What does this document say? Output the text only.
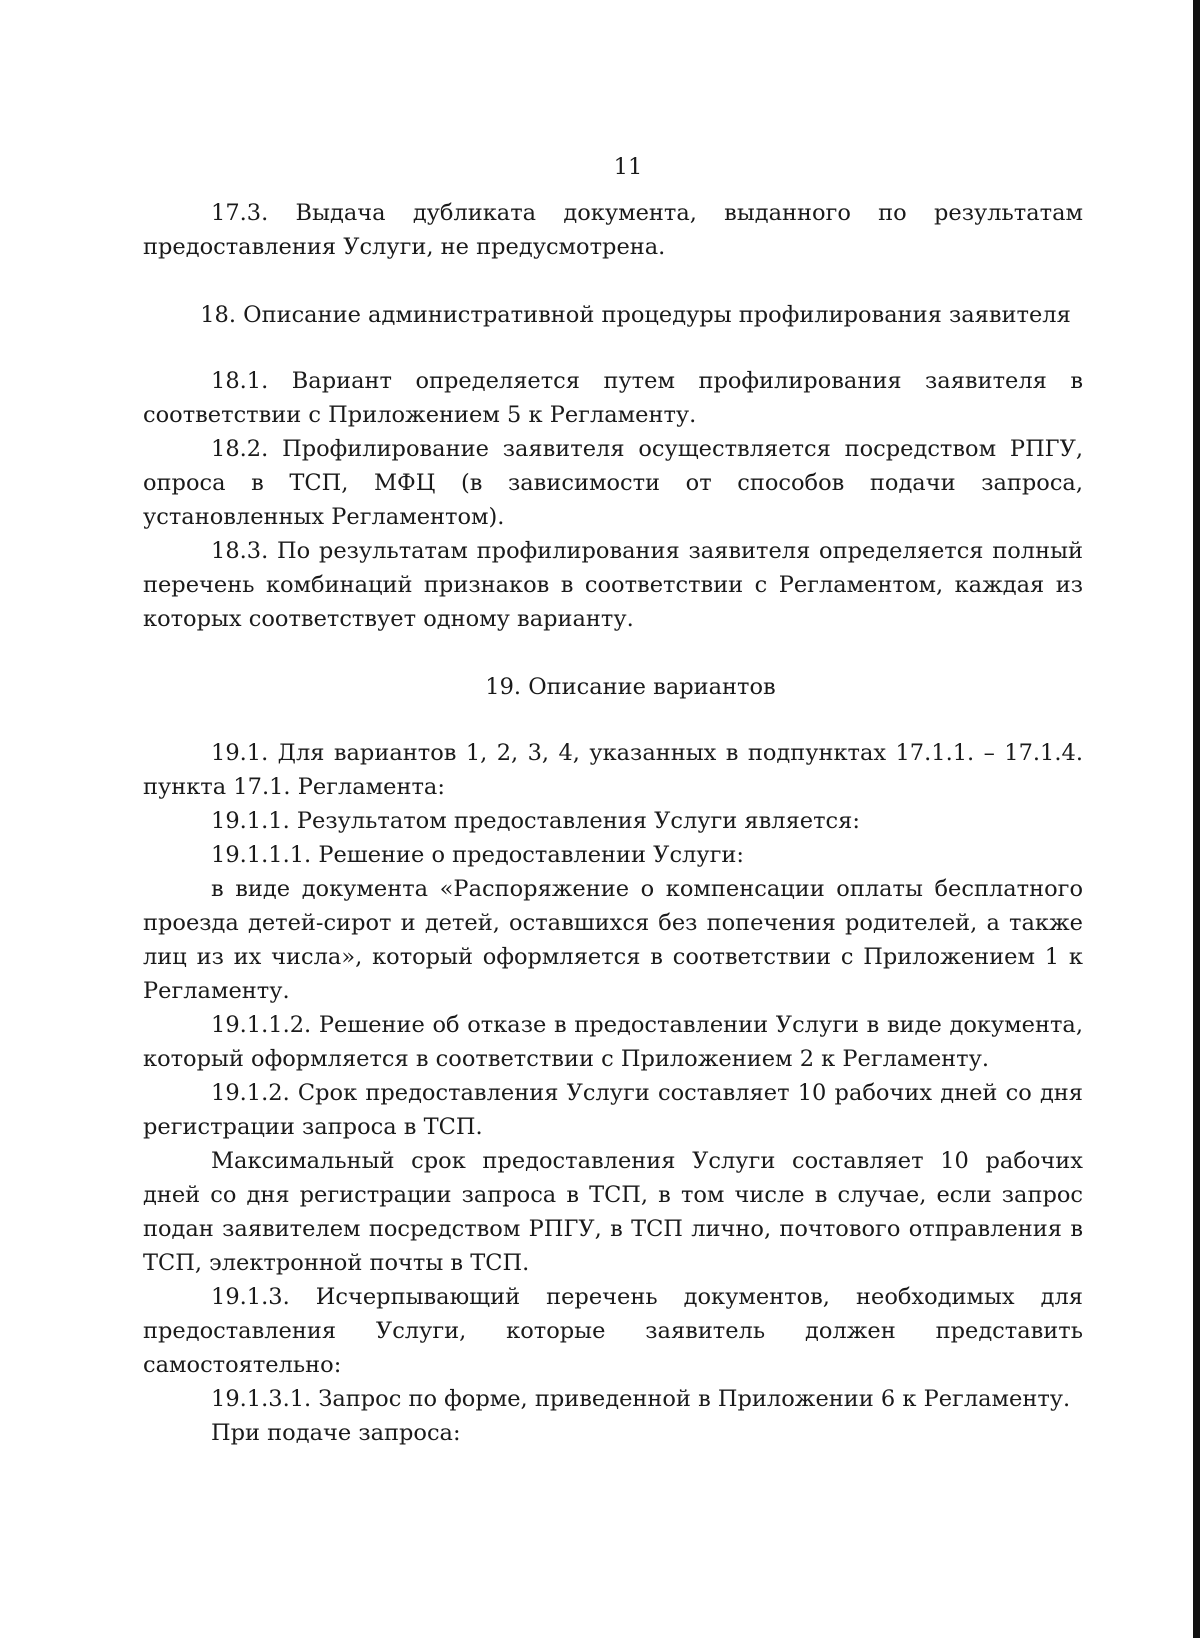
11

17.3. Выдача дубликата документа, выданного по результатам предоставления Услуги, не предусмотрена.

18. Описание административной процедуры профилирования заявителя

18.1. Вариант определяется путем профилирования заявителя в соответствии с Приложением 5 к Регламенту.

18.2. Профилирование заявителя осуществляется посредством РПГУ, опроса в ТСП, МФЦ (в зависимости от способов подачи запроса, установленных Регламентом).

18.3. По результатам профилирования заявителя определяется полный перечень комбинаций признаков в соответствии с Регламентом, каждая из которых соответствует одному варианту.

19. Описание вариантов

19.1. Для вариантов 1, 2, 3, 4, указанных в подпунктах 17.1.1. – 17.1.4. пункта 17.1. Регламента:

19.1.1. Результатом предоставления Услуги является:

19.1.1.1. Решение о предоставлении Услуги:

в виде документа «Распоряжение о компенсации оплаты бесплатного проезда детей-сирот и детей, оставшихся без попечения родителей, а также лиц из их числа», который оформляется в соответствии с Приложением 1 к Регламенту.

19.1.1.2. Решение об отказе в предоставлении Услуги в виде документа, который оформляется в соответствии с Приложением 2 к Регламенту.

19.1.2. Срок предоставления Услуги составляет 10 рабочих дней со дня регистрации запроса в ТСП.

Максимальный срок предоставления Услуги составляет 10 рабочих дней со дня регистрации запроса в ТСП, в том числе в случае, если запрос подан заявителем посредством РПГУ, в ТСП лично, почтового отправления в ТСП, электронной почты в ТСП.

19.1.3. Исчерпывающий перечень документов, необходимых для предоставления Услуги, которые заявитель должен представить самостоятельно:

19.1.3.1. Запрос по форме, приведенной в Приложении 6 к Регламенту.

При подаче запроса:
